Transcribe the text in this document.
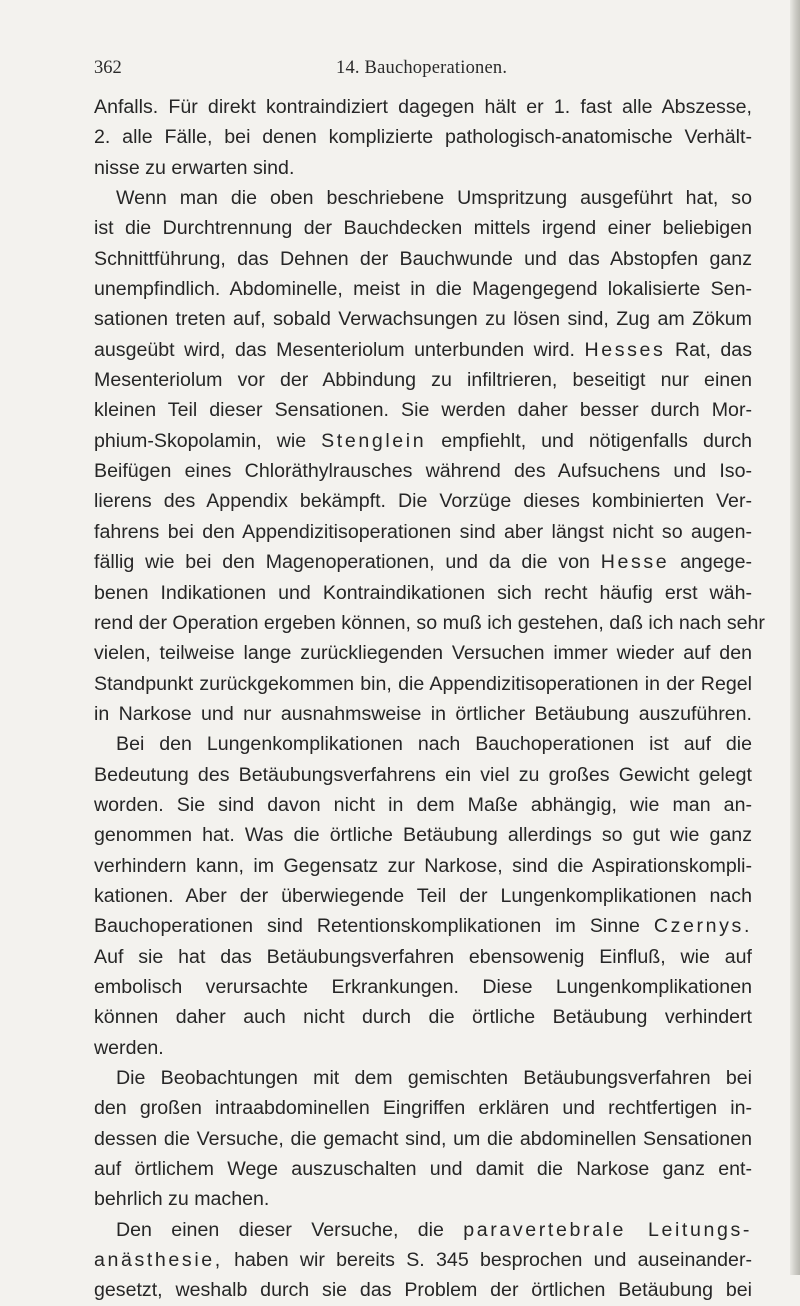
362	14. Bauchoperationen.
Anfalls. Für direkt kontraindiziert dagegen hält er 1. fast alle Abszesse,
2. alle Fälle, bei denen komplizierte pathologisch-anatomische Verhält-
nisse zu erwarten sind.
Wenn man die oben beschriebene Umspritzung ausgeführt hat, so
ist die Durchtrennung der Bauchdecken mittels irgend einer beliebigen
Schnittführung, das Dehnen der Bauchwunde und das Abstopfen ganz
unempfindlich. Abdominelle, meist in die Magengegend lokalisierte Sen-
sationen treten auf, sobald Verwachsungen zu lösen sind, Zug am Zökum
ausgeübt wird, das Mesenteriolum unterbunden wird. Hesses Rat, das
Mesenteriolum vor der Abbindung zu infiltrieren, beseitigt nur einen
kleinen Teil dieser Sensationen. Sie werden daher besser durch Mor-
phium-Skopolamin, wie Stenglein empfiehlt, und nötigenfalls durch
Beifügen eines Chloräthylrausches während des Aufsuchens und Iso-
lierens des Appendix bekämpft. Die Vorzüge dieses kombinierten Ver-
fahrens bei den Appendizitisoperationen sind aber längst nicht so augen-
fällig wie bei den Magenoperationen, und da die von Hesse angege-
benen Indikationen und Kontraindikationen sich recht häufig erst wäh-
rend der Operation ergeben können, so muß ich gestehen, daß ich nach sehr
vielen, teilweise lange zurückliegenden Versuchen immer wieder auf den
Standpunkt zurückgekommen bin, die Appendizitisoperationen in der Regel
in Narkose und nur ausnahmsweise in örtlicher Betäubung auszuführen.
Bei den Lungenkomplikationen nach Bauchoperationen ist auf die
Bedeutung des Betäubungsverfahrens ein viel zu großes Gewicht gelegt
worden. Sie sind davon nicht in dem Maße abhängig, wie man an-
genommen hat. Was die örtliche Betäubung allerdings so gut wie ganz
verhindern kann, im Gegensatz zur Narkose, sind die Aspirationskompli-
kationen. Aber der überwiegende Teil der Lungenkomplikationen nach
Bauchoperationen sind Retentionskomplikationen im Sinne Czernys.
Auf sie hat das Betäubungsverfahren ebensowenig Einfluß, wie auf
embolisch verursachte Erkrankungen. Diese Lungenkomplikationen
können daher auch nicht durch die örtliche Betäubung verhindert
werden.
Die Beobachtungen mit dem gemischten Betäubungsverfahren bei
den großen intraabdominellen Eingriffen erklären und rechtfertigen in-
dessen die Versuche, die gemacht sind, um die abdominellen Sensationen
auf örtlichem Wege auszuschalten und damit die Narkose ganz ent-
behrlich zu machen.
Den einen dieser Versuche, die paravertebrale Leitungs-
anästhesie, haben wir bereits S. 345 besprochen und auseinander-
gesetzt, weshalb durch sie das Problem der örtlichen Betäubung bei
